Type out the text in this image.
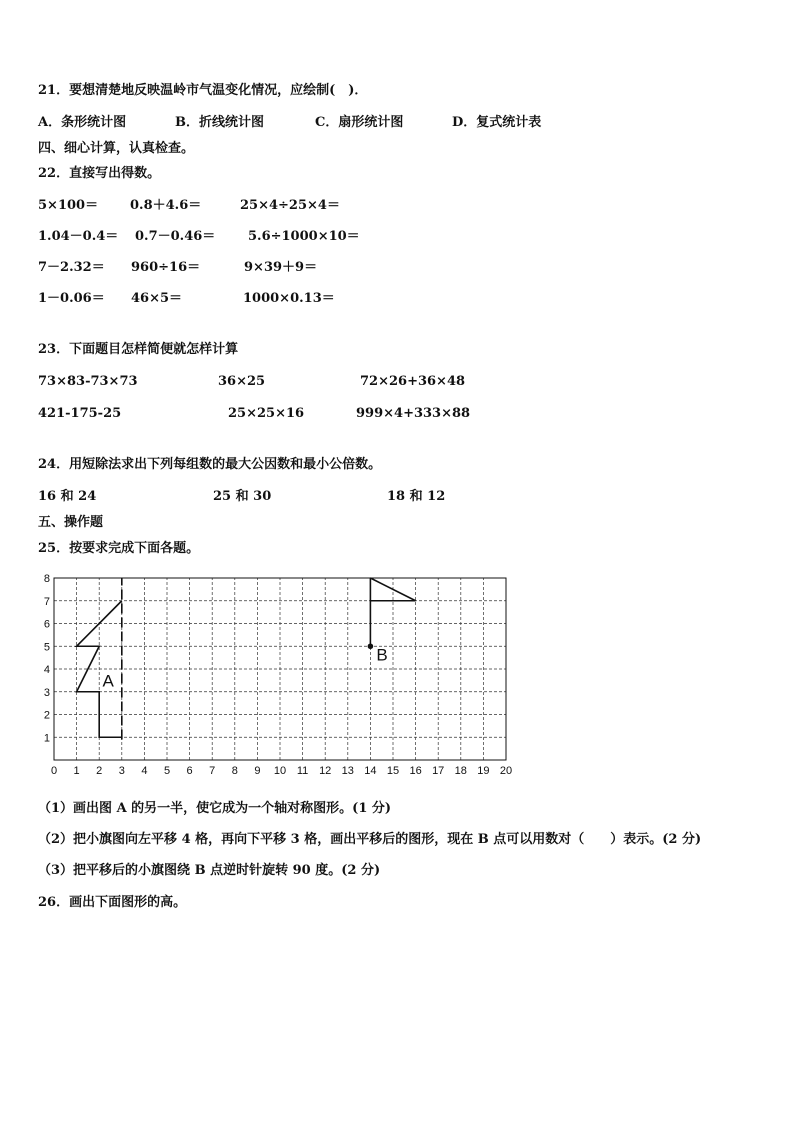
21．要想清楚地反映温岭市气温变化情况，应绘制(　)．
A．条形统计图	B．折线统计图	C．扇形统计图	D．复式统计表
四、细心计算，认真检查。
22．直接写出得数。
5×100＝ 0.8＋4.6＝	25×4÷25×4＝
1.04－0.4＝ 0.7－0.46＝	5.6÷1000×10＝
7－2.32＝ 960÷16＝	9×39＋9＝
1－0.06＝ 46×5＝	1000×0.13＝
23．下面题目怎样简便就怎样计算
73×83-73×73	36×25	72×26+36×48
421-175-25	25×25×16	999×4+333×88
24．用短除法求出下列每组数的最大公因数和最小公倍数。
16 和 24	25 和 30	18 和 12
五、操作题
25．按要求完成下面各题。
0 1 2 3 4 5 6 7 8 9 10 11 12 13 14 15 16 17 18 19 20
1
2
3
4
5
6
7
8
A
B
（1）画出图 A 的另一半，使它成为一个轴对称图形。(1 分)
（2）把小旗图向左平移 4 格，再向下平移 3 格，画出平移后的图形，现在 B 点可以用数对（　　）表示。(2 分)
（3）把平移后的小旗图绕 B 点逆时针旋转 90 度。(2 分)
26．画出下面图形的高。
